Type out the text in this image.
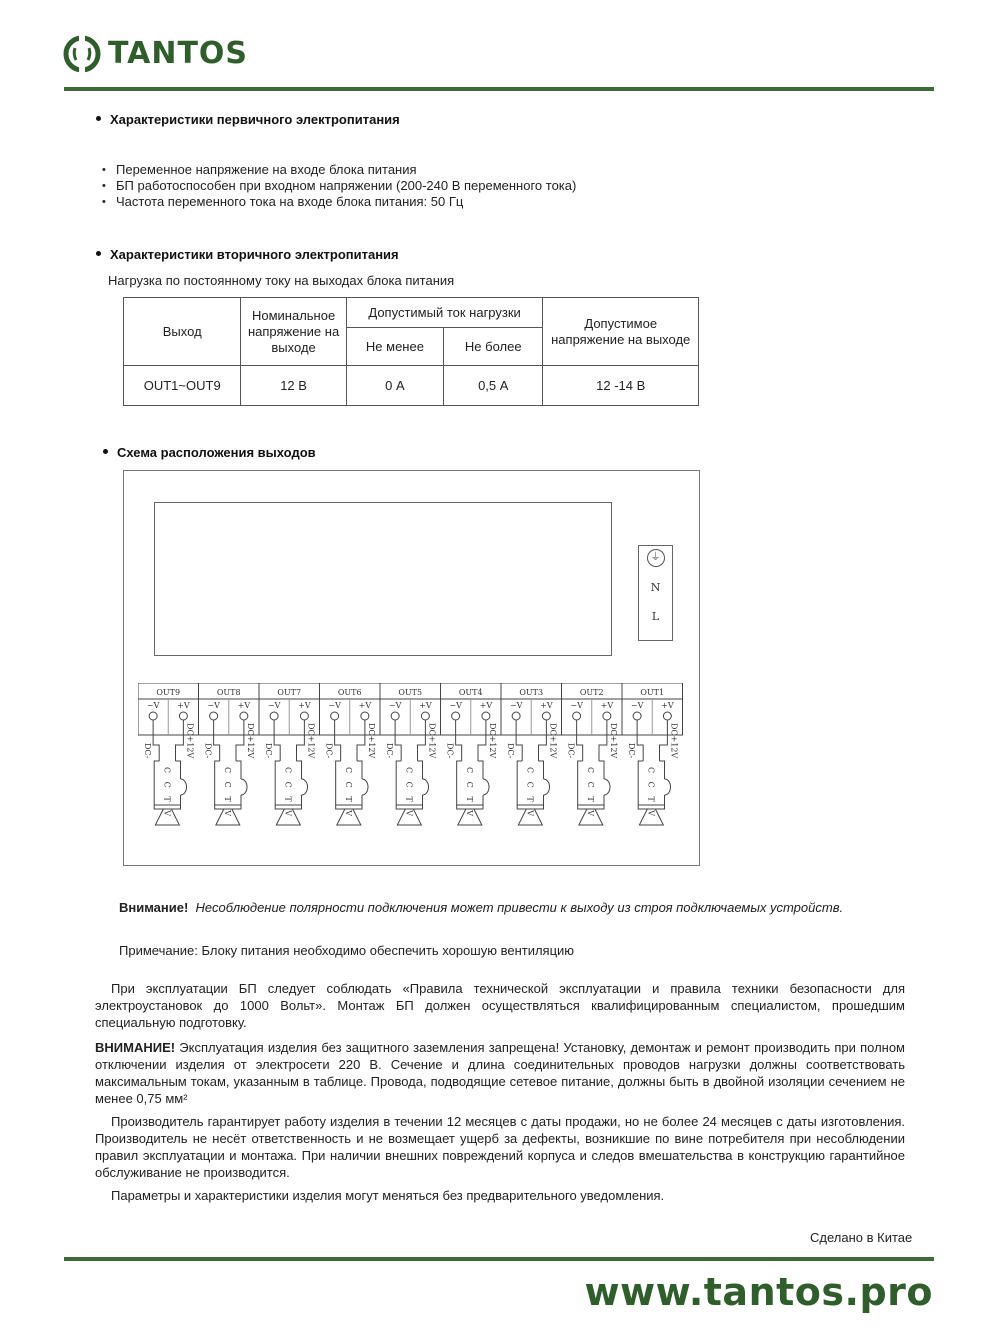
TANTOS
Характеристики первичного электропитания
• Переменное напряжение на входе блока питания
• БП работоспособен при входном напряжении (200-240 В переменного тока)
• Частота переменного тока на входе блока питания: 50 Гц
Характеристики вторичного электропитания
Нагрузка по постоянному току на выходах блока питания
Выход	Номинальное напряжение на выходе	Допустимый ток нагрузки		Допустимое напряжение на выходе
		Не менее	Не более	
OUT1~OUT9	12 В	0 А	0,5 А	12 -14 В
Схема расположения выходов
⏚
N
L
OUT9
−V +V
DC-	DC+12V
C C T V
OUT8
−V +V
DC-	DC+12V
C C T V
OUT7
−V +V
DC-	DC+12V
C C T V
OUT6
−V +V
DC-	DC+12V
C C T V
OUT5
−V +V
DC-	DC+12V
C C T V
OUT4
−V +V
DC-	DC+12V
C C T V
OUT3
−V +V
DC-	DC+12V
C C T V
OUT2
−V +V
DC-	DC+12V
C C T V
OUT1
−V +V
DC-	DC+12V
C C T V
Внимание! Несоблюдение полярности подключения может привести к выходу из строя подключаемых устройств.
Примечание: Блоку питания необходимо обеспечить хорошую вентиляцию
При эксплуатации БП следует соблюдать «Правила технической эксплуатации и правила техники безопасности для электроустановок до 1000 Вольт». Монтаж БП должен осуществляться квалифицированным специалистом, прошедшим специальную подготовку.
ВНИМАНИЕ! Эксплуатация изделия без защитного заземления запрещена! Установку, демонтаж и ремонт производить при полном отключении изделия от электросети 220 В. Сечение и длина соединительных проводов нагрузки должны соответствовать максимальным токам, указанным в таблице. Провода, подводящие сетевое питание, должны быть в двойной изоляции сечением не менее 0,75 мм²
Производитель гарантирует работу изделия в течении 12 месяцев с даты продажи, но не более 24 месяцев с даты изготовления. Производитель не несёт ответственность и не возмещает ущерб за дефекты, возникшие по вине потребителя при несоблюдении правил эксплуатации и монтажа. При наличии внешних повреждений корпуса и следов вмешательства в конструкцию гарантийное обслуживание не производится.
Параметры и характеристики изделия могут меняться без предварительного уведомления.
Сделано в Китае
www.tantos.pro
